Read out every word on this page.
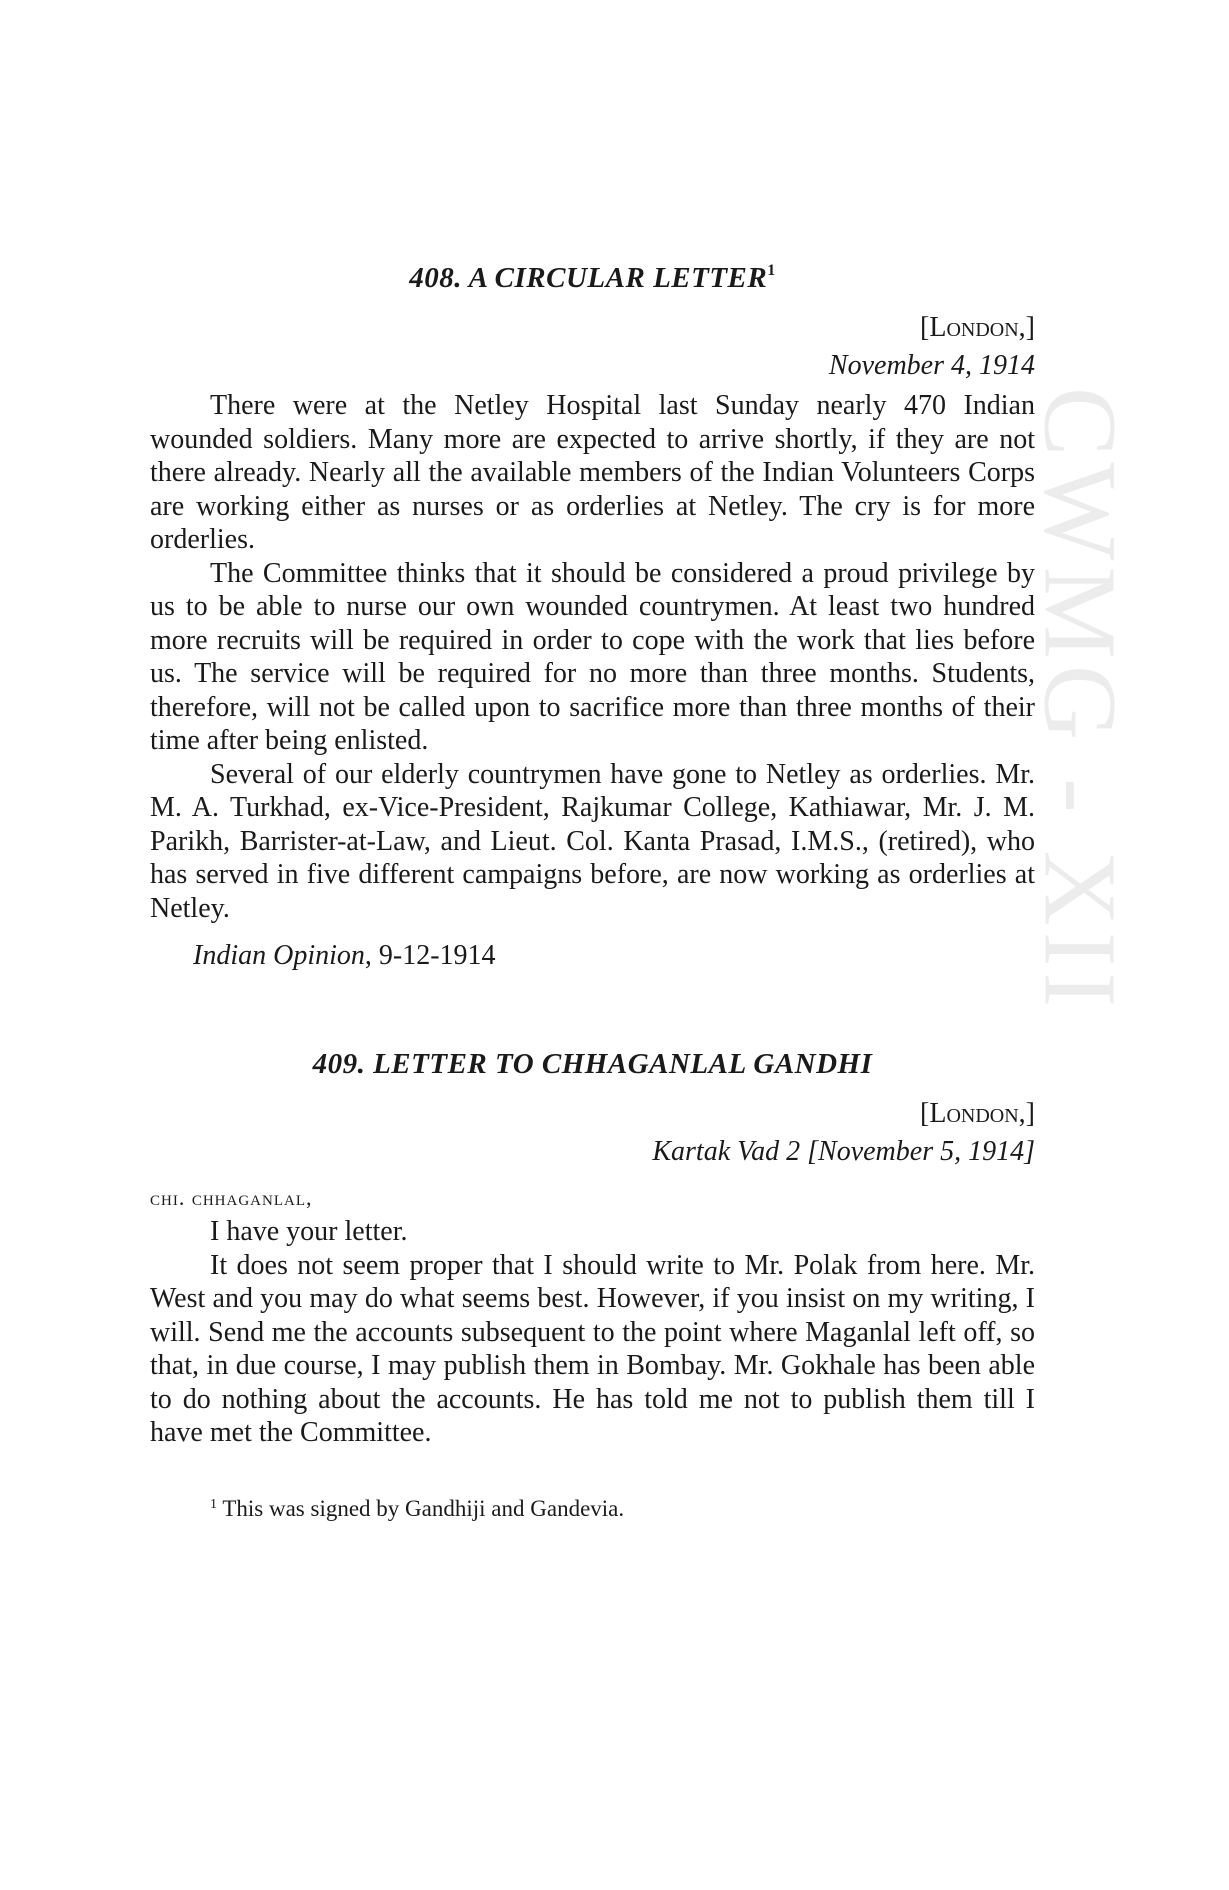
CWMG - XII
408. A CIRCULAR LETTER$^1$

[London,]

November 4, 1914

There were at the Netley Hospital last Sunday nearly 470 Indian wounded soldiers. Many more are expected to arrive shortly, if they are not there already. Nearly all the available members of the Indian Volunteers Corps are working either as nurses or as orderlies at Netley. The cry is for more orderlies.

The Committee thinks that it should be considered a proud privilege by us to be able to nurse our own wounded countrymen. At least two hundred more recruits will be required in order to cope with the work that lies before us. The service will be required for no more than three months. Students, therefore, will not be called upon to sacrifice more than three months of their time after being enlisted.

Several of our elderly countrymen have gone to Netley as orderlies. Mr. M. A. Turkhad, ex-Vice-President, Rajkumar College, Kathiawar, Mr. J. M. Parikh, Barrister-at-Law, and Lieut. Col. Kanta Prasad, I.M.S., (retired), who has served in five different campaigns before, are now working as orderlies at Netley.

Indian Opinion, 9-12-1914

409. LETTER TO CHHAGANLAL GANDHI

[London,]

Kartak Vad 2 [November 5, 1914]

chi. chhaganlal,

I have your letter.

It does not seem proper that I should write to Mr. Polak from here. Mr. West and you may do what seems best. However, if you insist on my writing, I will. Send me the accounts subsequent to the point where Maganlal left off, so that, in due course, I may publish them in Bombay. Mr. Gokhale has been able to do nothing about the accounts. He has told me not to publish them till I have met the Committee.

$^1$ This was signed by Gandhiji and Gandevia.
